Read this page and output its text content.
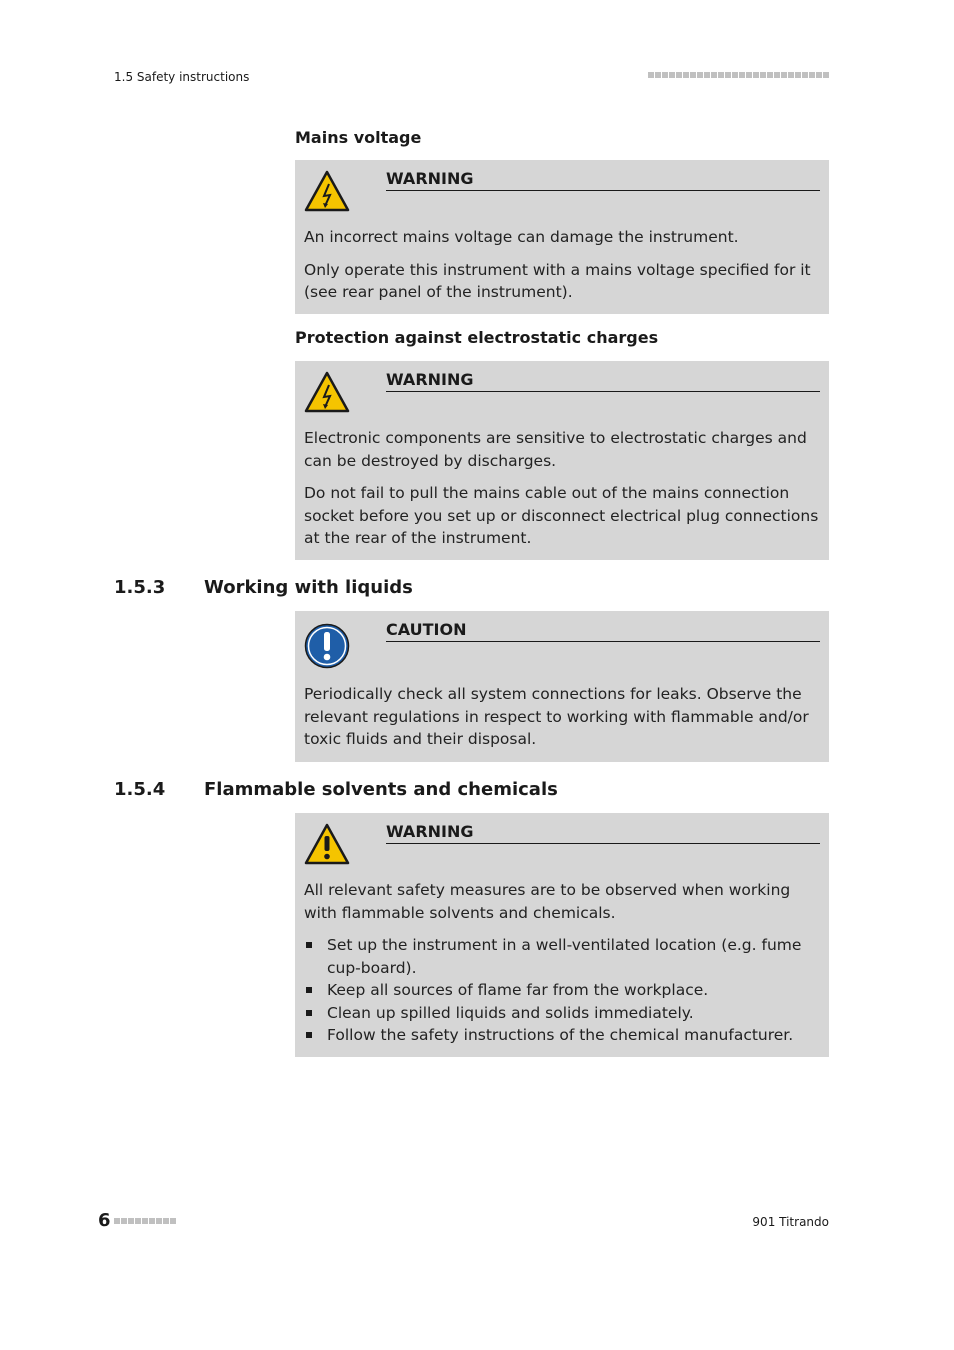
1.5 Safety instructions
Mains voltage
WARNING

An incorrect mains voltage can damage the instrument.

Only operate this instrument with a mains voltage specified for it (see rear panel of the instrument).

Protection against electrostatic charges
WARNING

Electronic components are sensitive to electrostatic charges and can be destroyed by discharges.

Do not fail to pull the mains cable out of the mains connection socket before you set up or disconnect electrical plug connections at the rear of the instrument.

1.5.3 Working with liquids
CAUTION

Periodically check all system connections for leaks. Observe the relevant regulations in respect to working with flammable and/or toxic fluids and their disposal.

1.5.4 Flammable solvents and chemicals
WARNING

All relevant safety measures are to be observed when working with flammable solvents and chemicals.

Set up the instrument in a well-ventilated location (e.g. fume cup-board).
Keep all sources of flame far from the workplace.
Clean up spilled liquids and solids immediately.
Follow the safety instructions of the chemical manufacturer.
6	901 Titrando
